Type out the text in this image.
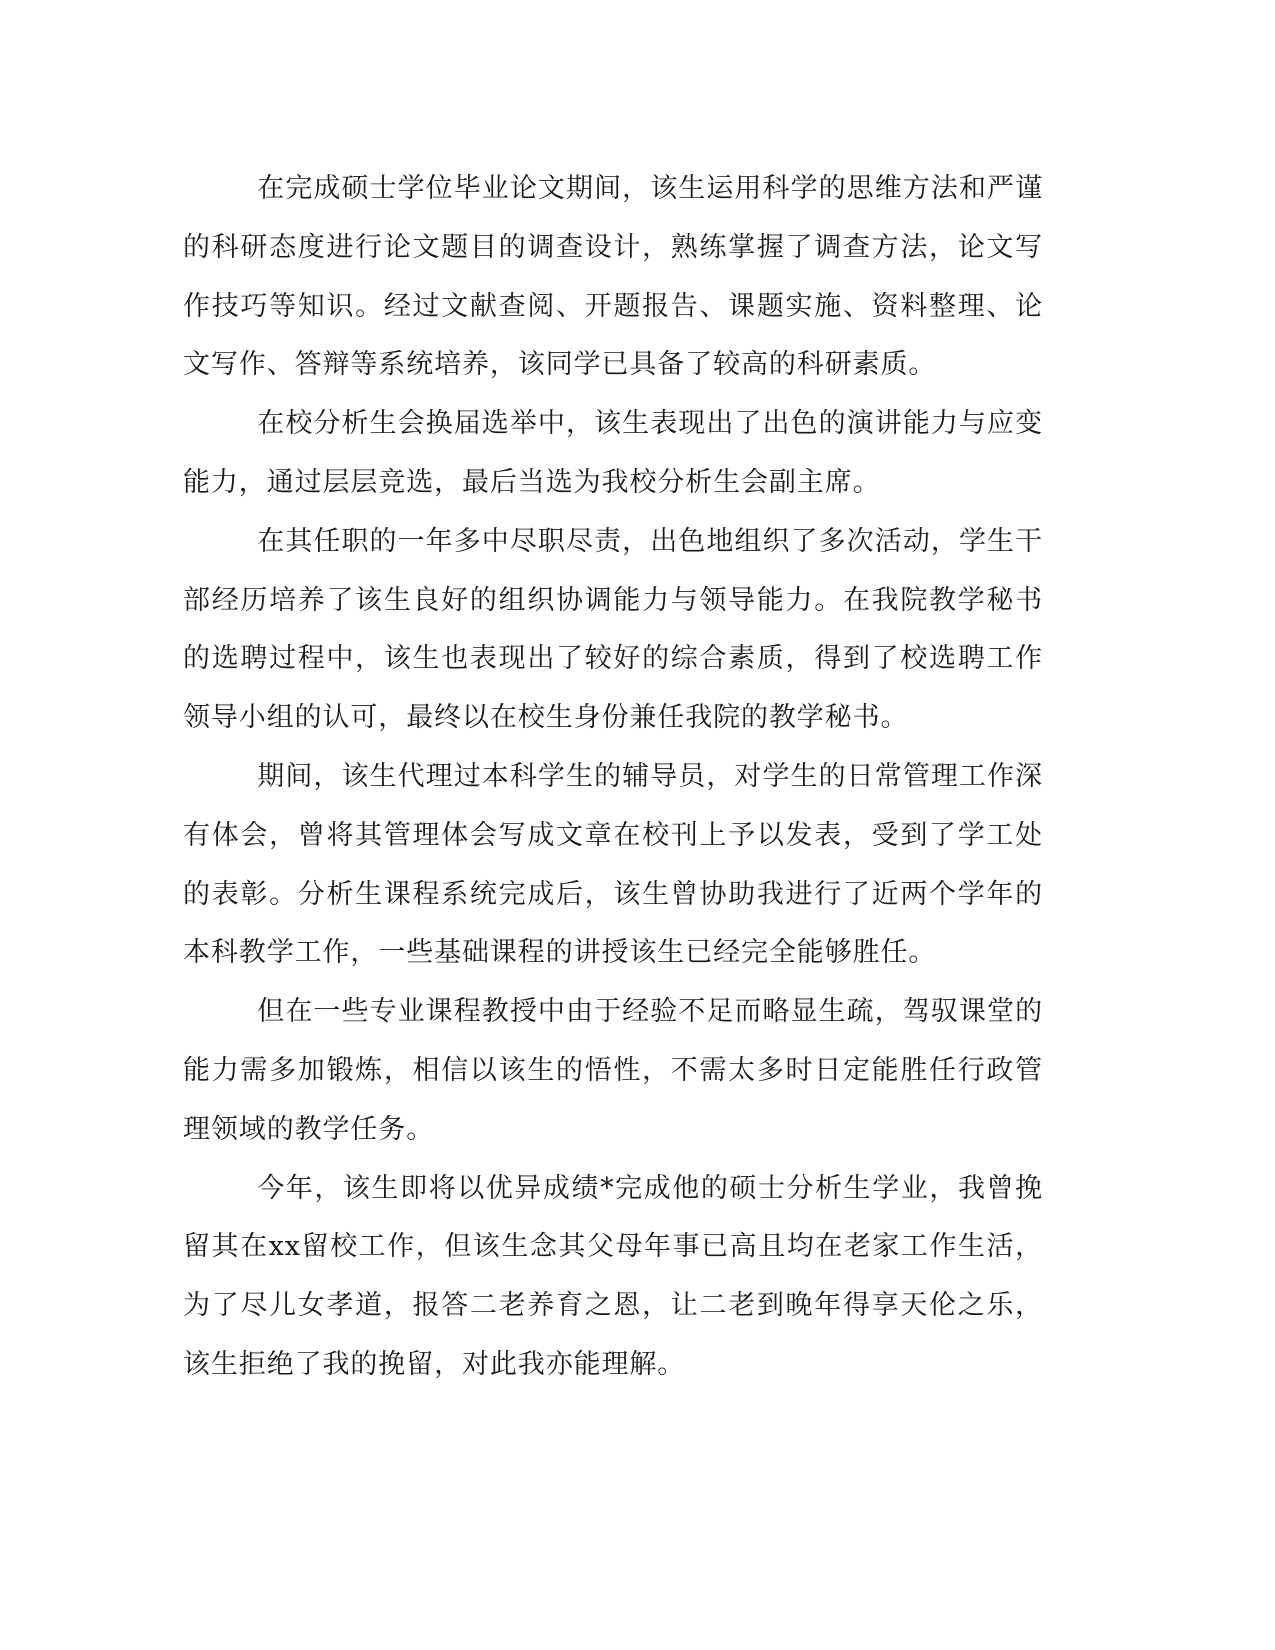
在完成硕士学位毕业论文期间，该生运用科学的思维方法和严谨的科研态度进行论文题目的调查设计，熟练掌握了调查方法，论文写作技巧等知识。经过文献查阅、开题报告、课题实施、资料整理、论文写作、答辩等系统培养，该同学已具备了较高的科研素质。

在校分析生会换届选举中，该生表现出了出色的演讲能力与应变能力，通过层层竞选，最后当选为我校分析生会副主席。

在其任职的一年多中尽职尽责，出色地组织了多次活动，学生干部经历培养了该生良好的组织协调能力与领导能力。在我院教学秘书的选聘过程中，该生也表现出了较好的综合素质，得到了校选聘工作领导小组的认可，最终以在校生身份兼任我院的教学秘书。

期间，该生代理过本科学生的辅导员，对学生的日常管理工作深有体会，曾将其管理体会写成文章在校刊上予以发表，受到了学工处的表彰。分析生课程系统完成后，该生曾协助我进行了近两个学年的本科教学工作，一些基础课程的讲授该生已经完全能够胜任。

但在一些专业课程教授中由于经验不足而略显生疏，驾驭课堂的能力需多加锻炼，相信以该生的悟性，不需太多时日定能胜任行政管理领域的教学任务。

今年，该生即将以优异成绩*完成他的硕士分析生学业，我曾挽留其在xx留校工作，但该生念其父母年事已高且均在老家工作生活，为了尽儿女孝道，报答二老养育之恩，让二老到晚年得享天伦之乐，该生拒绝了我的挽留，对此我亦能理解。
